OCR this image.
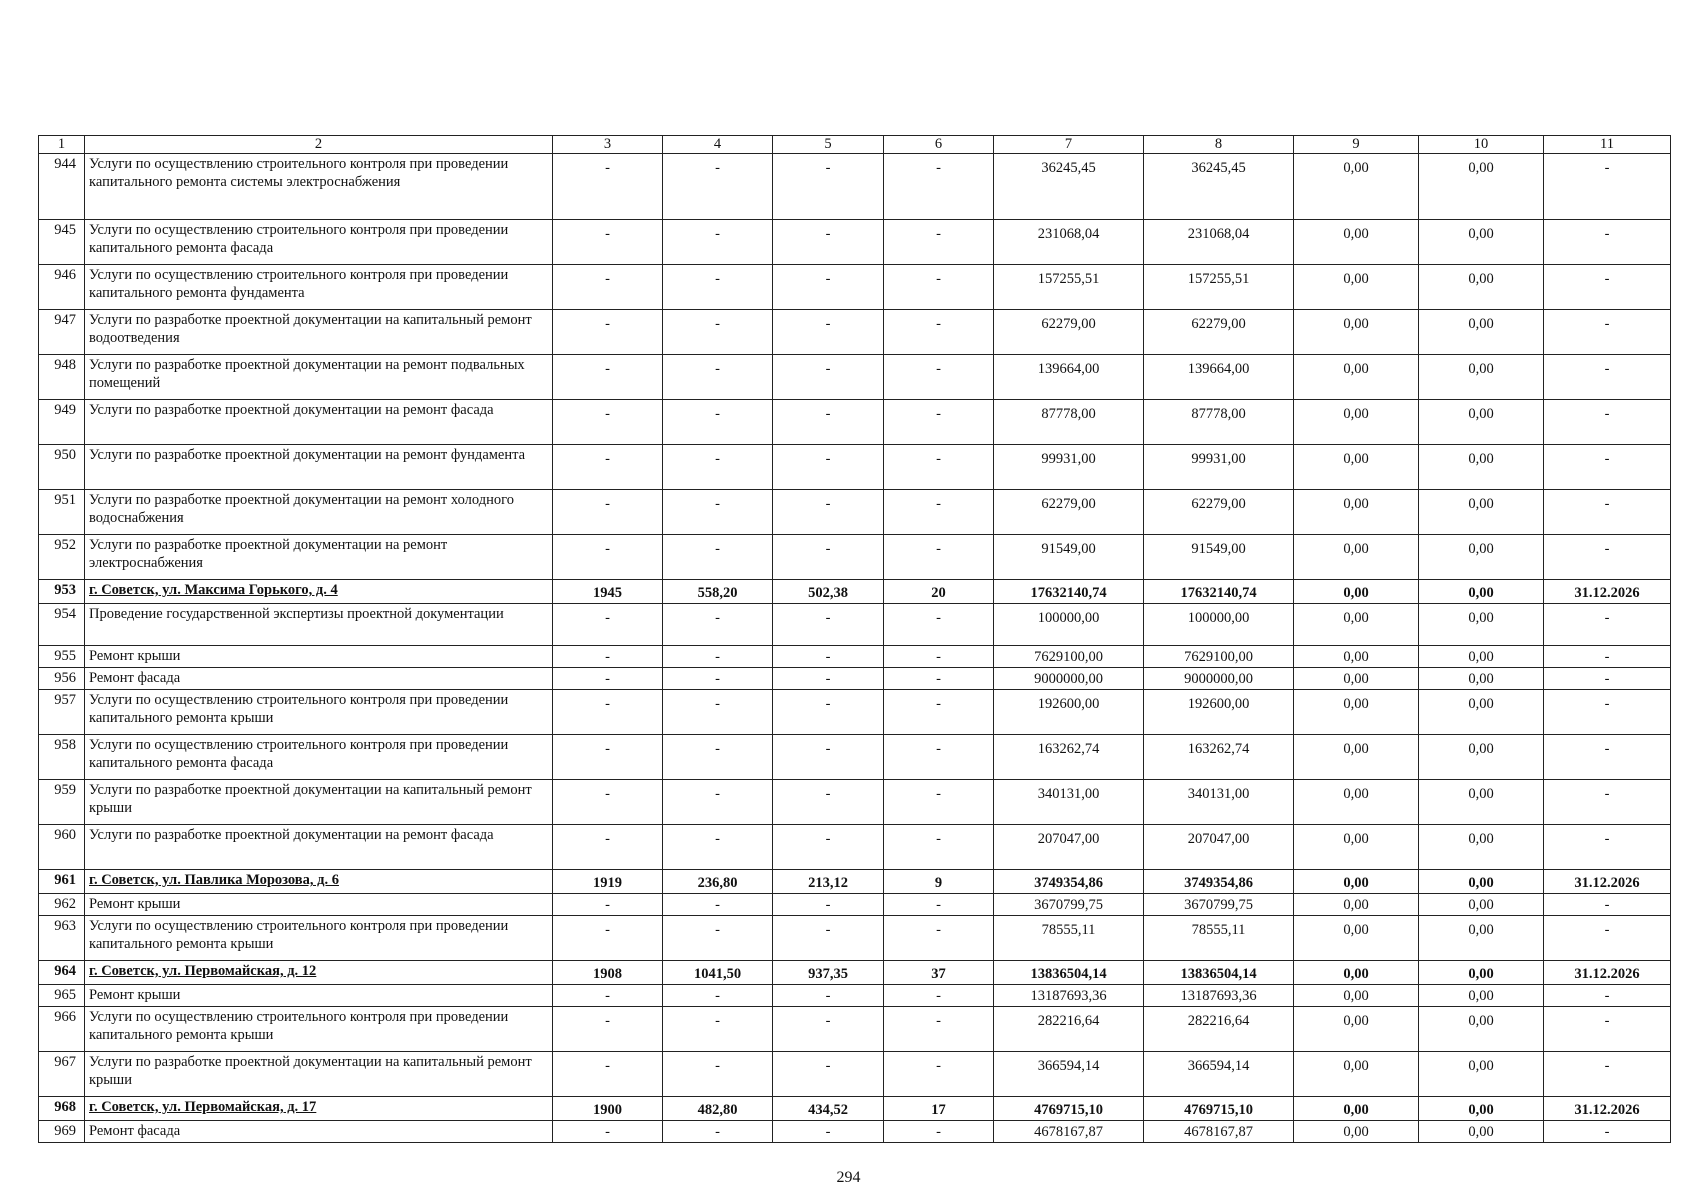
1	2	3	4	5	6	7	8	9	10	11
944	Услуги по осуществлению строительного контроля при проведении капитального ремонта системы электроснабжения	-	-	-	-	36245,45	36245,45	0,00	0,00	-

945	Услуги по осуществлению строительного контроля при проведении капитального ремонта фасада	-	-	-	-	231068,04	231068,04	0,00	0,00	-

946	Услуги по осуществлению строительного контроля при проведении капитального ремонта фундамента	-	-	-	-	157255,51	157255,51	0,00	0,00	-

947	Услуги по разработке проектной документации на капитальный ремонт водоотведения	-	-	-	-	62279,00	62279,00	0,00	0,00	-

948	Услуги по разработке проектной документации на ремонт подвальных помещений	-	-	-	-	139664,00	139664,00	0,00	0,00	-

949	Услуги по разработке проектной документации на ремонт фасада	-	-	-	-	87778,00	87778,00	0,00	0,00	-

950	Услуги по разработке проектной документации на ремонт фундамента	-	-	-	-	99931,00	99931,00	0,00	0,00	-

951	Услуги по разработке проектной документации на ремонт холодного водоснабжения	-	-	-	-	62279,00	62279,00	0,00	0,00	-

952	Услуги по разработке проектной документации на ремонт электроснабжения	-	-	-	-	91549,00	91549,00	0,00	0,00	-

953	г. Советск, ул. Максима Горького, д. 4	1945	558,20	502,38	20	17632140,74	17632140,74	0,00	0,00	31.12.2026

954	Проведение государственной экспертизы проектной документации	-	-	-	-	100000,00	100000,00	0,00	0,00	-

955	Ремонт крыши	-	-	-	-	7629100,00	7629100,00	0,00	0,00	-

956	Ремонт фасада	-	-	-	-	9000000,00	9000000,00	0,00	0,00	-

957	Услуги по осуществлению строительного контроля при проведении капитального ремонта крыши	-	-	-	-	192600,00	192600,00	0,00	0,00	-

958	Услуги по осуществлению строительного контроля при проведении капитального ремонта фасада	-	-	-	-	163262,74	163262,74	0,00	0,00	-

959	Услуги по разработке проектной документации на капитальный ремонт крыши	-	-	-	-	340131,00	340131,00	0,00	0,00	-

960	Услуги по разработке проектной документации на ремонт фасада	-	-	-	-	207047,00	207047,00	0,00	0,00	-

961	г. Советск, ул. Павлика Морозова, д. 6	1919	236,80	213,12	9	3749354,86	3749354,86	0,00	0,00	31.12.2026

962	Ремонт крыши	-	-	-	-	3670799,75	3670799,75	0,00	0,00	-

963	Услуги по осуществлению строительного контроля при проведении капитального ремонта крыши	-	-	-	-	78555,11	78555,11	0,00	0,00	-

964	г. Советск, ул. Первомайская, д. 12	1908	1041,50	937,35	37	13836504,14	13836504,14	0,00	0,00	31.12.2026

965	Ремонт крыши	-	-	-	-	13187693,36	13187693,36	0,00	0,00	-

966	Услуги по осуществлению строительного контроля при проведении капитального ремонта крыши	-	-	-	-	282216,64	282216,64	0,00	0,00	-

967	Услуги по разработке проектной документации на капитальный ремонт крыши	-	-	-	-	366594,14	366594,14	0,00	0,00	-

968	г. Советск, ул. Первомайская, д. 17	1900	482,80	434,52	17	4769715,10	4769715,10	0,00	0,00	31.12.2026

969	Ремонт фасада	-	-	-	-	4678167,87	4678167,87	0,00	0,00	-
294
